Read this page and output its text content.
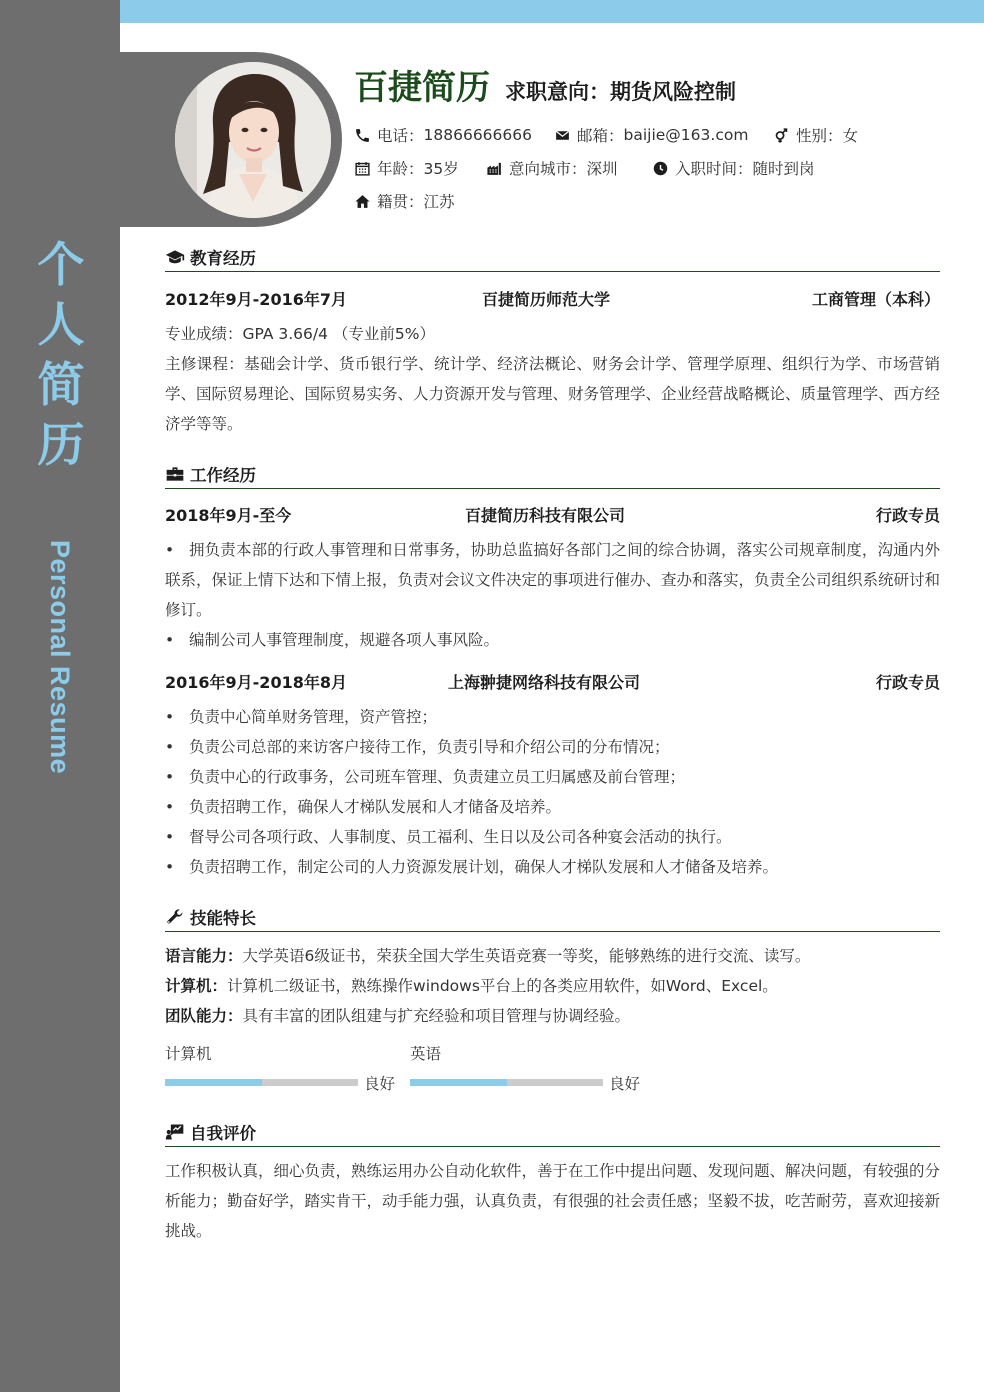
个
人
简
历
Personal Resume
百捷简历 求职意向： 期货风险控制
电话： 18866666666	邮箱： baijie@163.com	性别： 女
年龄： 35岁	意向城市： 深圳	入职时间： 随时到岗
籍贯： 江苏
教育经历
2012年9月-2016年7月	百捷简历师范大学	工商管理（本科）
专业成绩：GPA 3.66/4 （专业前5%）
主修课程：基础会计学、货币银行学、统计学、经济法概论、财务会计学、管理学原理、组织行为学、市场营销学、国际贸易理论、国际贸易实务、人力资源开发与管理、财务管理学、企业经营战略概论、质量管理学、西方经济学等等。
工作经历
2018年9月-至今	百捷简历科技有限公司	行政专员
• 拥负责本部的行政人事管理和日常事务，协助总监搞好各部门之间的综合协调，落实公司规章制度，沟通内外联系，保证上情下达和下情上报，负责对会议文件决定的事项进行催办、查办和落实，负责全公司组织系统研讨和修订。
• 编制公司人事管理制度，规避各项人事风险。
2016年9月-2018年8月	上海翀捷网络科技有限公司	行政专员
• 负责中心简单财务管理，资产管控；
• 负责公司总部的来访客户接待工作，负责引导和介绍公司的分布情况；
• 负责中心的行政事务，公司班车管理、负责建立员工归属感及前台管理；
• 负责招聘工作，确保人才梯队发展和人才储备及培养。
• 督导公司各项行政、人事制度、员工福利、生日以及公司各种宴会活动的执行。
• 负责招聘工作，制定公司的人力资源发展计划，确保人才梯队发展和人才储备及培养。
技能特长
语言能力：大学英语6级证书，荣获全国大学生英语竞赛一等奖，能够熟练的进行交流、读写。
计算机：计算机二级证书，熟练操作windows平台上的各类应用软件，如Word、Excel。
团队能力：具有丰富的团队组建与扩充经验和项目管理与协调经验。
计算机
良好
英语
良好
自我评价
工作积极认真，细心负责，熟练运用办公自动化软件，善于在工作中提出问题、发现问题、解决问题，有较强的分析能力；勤奋好学，踏实肯干，动手能力强，认真负责，有很强的社会责任感；坚毅不拔，吃苦耐劳，喜欢迎接新挑战。
